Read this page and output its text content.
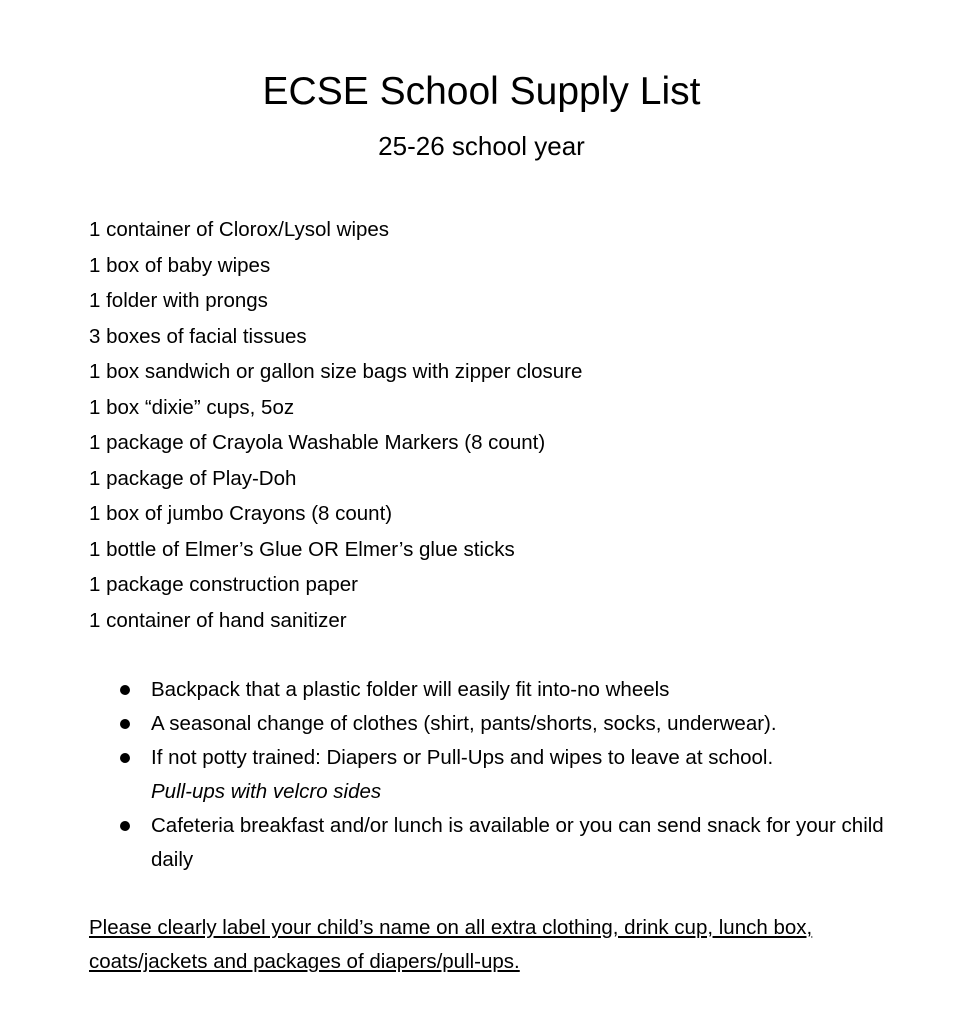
ECSE School Supply List
25-26 school year
1 container of Clorox/Lysol wipes
1 box of baby wipes
1 folder with prongs
3 boxes of facial tissues
1 box sandwich or gallon size bags with zipper closure
1 box “dixie” cups, 5oz
1 package of Crayola Washable Markers (8 count)
1 package of Play-Doh
1 box of jumbo Crayons (8 count)
1 bottle of Elmer’s Glue OR Elmer’s glue sticks
1 package construction paper
1 container of hand sanitizer
Backpack that a plastic folder will easily fit into-no wheels
A seasonal change of clothes (shirt, pants/shorts, socks, underwear).
If not potty trained: Diapers or Pull-Ups and wipes to leave at school.
Pull-ups with velcro sides
Cafeteria breakfast and/or lunch is available or you can send snack for your child daily

Please clearly label your child’s name on all extra clothing, drink cup, lunch box, coats/jackets and packages of diapers/pull-ups.
